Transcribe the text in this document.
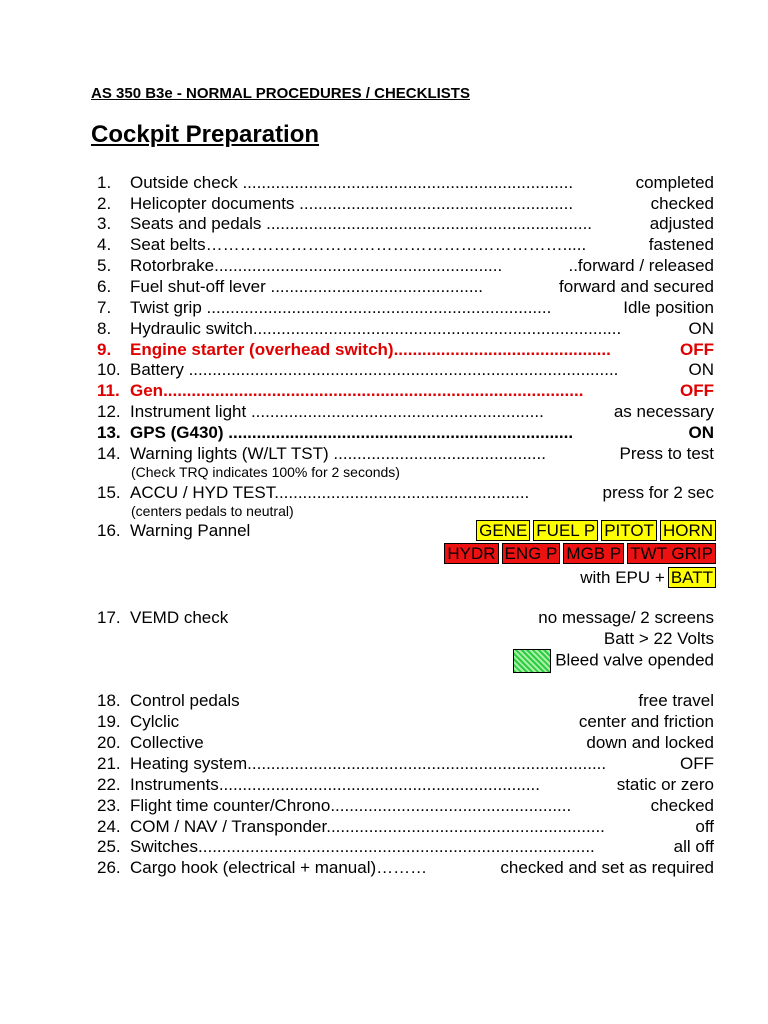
AS 350 B3e - NORMAL PROCEDURES / CHECKLISTS
Cockpit Preparation
1. Outside check ......................................................................	completed
2. Helicopter documents ..........................................................	checked
3. Seats and pedals .....................................................................	adjusted
4. Seat belts……………………………………………………….....	fastened
5. Rotorbrake.............................................................	..forward / released
6. Fuel shut-off lever .............................................	forward and secured
7. Twist grip .........................................................................	Idle position
8. Hydraulic switch..............................................................................	ON
9. Engine starter (overhead switch)..............................................	OFF
10. Battery ...........................................................................................	ON
11. Gen.........................................................................................	OFF
12. Instrument light ..............................................................	as necessary
13. GPS (G430) .........................................................................	ON
14. Warning lights (W/LT TST) .............................................	Press to test
(Check TRQ indicates 100% for 2 seconds)
15. ACCU / HYD TEST......................................................	press for 2 sec
(centers pedals to neutral)
16. Warning Pannel	GENE FUEL P PITOT HORN
HYDR ENG P MGB P TWT GRIP
with EPU + BATT
17. VEMD check	no message/ 2 screens
Batt > 22 Volts
Bleed valve opended
18. Control pedals	free travel
19. Cylclic	center and friction
20. Collective	down and locked
21. Heating system............................................................................	OFF
22. Instruments....................................................................	static or zero
23. Flight time counter/Chrono...................................................	checked
24. COM / NAV / Transponder...........................................................	off
25. Switches....................................................................................	all off
26. Cargo hook (electrical + manual)………	checked and set as required
